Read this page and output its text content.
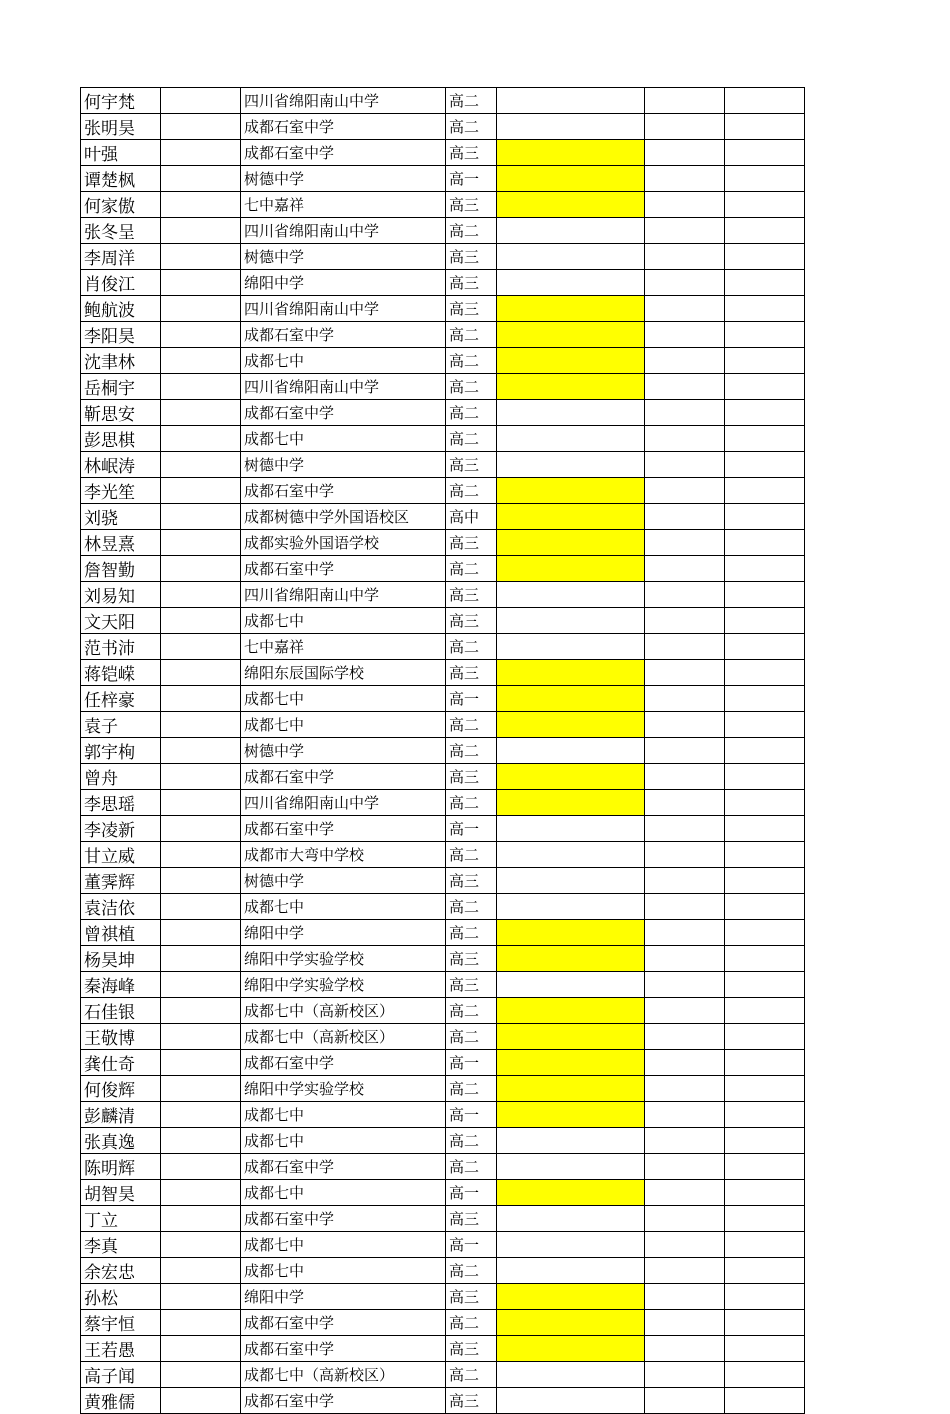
何宇梵		四川省绵阳南山中学	高二			
张明昊		成都石室中学	高二			
叶强		成都石室中学	高三			
谭楚枫		树德中学	高一			
何家傲		七中嘉祥	高三			
张冬呈		四川省绵阳南山中学	高二			
李周洋		树德中学	高三			
肖俊江		绵阳中学	高三			
鲍航波		四川省绵阳南山中学	高三			
李阳昊		成都石室中学	高二			
沈聿林		成都七中	高二			
岳桐宇		四川省绵阳南山中学	高二			
靳思安		成都石室中学	高二			
彭思棋		成都七中	高二			
林岷涛		树德中学	高三			
李光笙		成都石室中学	高二			
刘骁		成都树德中学外国语校区	高中			
林昱熹		成都实验外国语学校	高三			
詹智勤		成都石室中学	高二			
刘易知		四川省绵阳南山中学	高三			
文天阳		成都七中	高三			
范书沛		七中嘉祥	高二			
蒋铠嵘		绵阳东辰国际学校	高三			
任梓豪		成都七中	高一			
袁子		成都七中	高二			
郭宇栒		树德中学	高二			
曾舟		成都石室中学	高三			
李思瑶		四川省绵阳南山中学	高二			
李凌新		成都石室中学	高一			
甘立威		成都市大弯中学校	高二			
董霁辉		树德中学	高三			
袁洁依		成都七中	高二			
曾祺植		绵阳中学	高二			
杨昊坤		绵阳中学实验学校	高三			
秦海峰		绵阳中学实验学校	高三			
石佳银		成都七中（高新校区）	高二			
王敬博		成都七中（高新校区）	高二			
龚仕奇		成都石室中学	高一			
何俊辉		绵阳中学实验学校	高二			
彭麟清		成都七中	高一			
张真逸		成都七中	高二			
陈明辉		成都石室中学	高二			
胡智昊		成都七中	高一			
丁立		成都石室中学	高三			
李真		成都七中	高一			
余宏忠		成都七中	高二			
孙松		绵阳中学	高三			
蔡宇恒		成都石室中学	高二			
王若愚		成都石室中学	高三			
高子闻		成都七中（高新校区）	高二			
黄雅儒		成都石室中学	高三			
